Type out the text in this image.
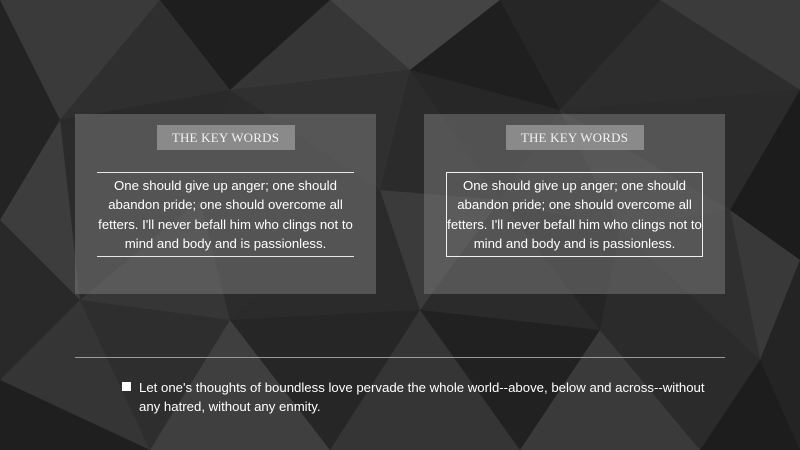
THE KEY WORDS
One should give up anger; one should abandon pride; one should overcome all fetters. I'll never befall him who clings not to mind and body and is passionless.
THE KEY WORDS
One should give up anger; one should abandon pride; one should overcome all fetters. I'll never befall him who clings not to mind and body and is passionless.
Let one's thoughts of boundless love pervade the whole world--above, below and across--without any hatred, without any enmity.
